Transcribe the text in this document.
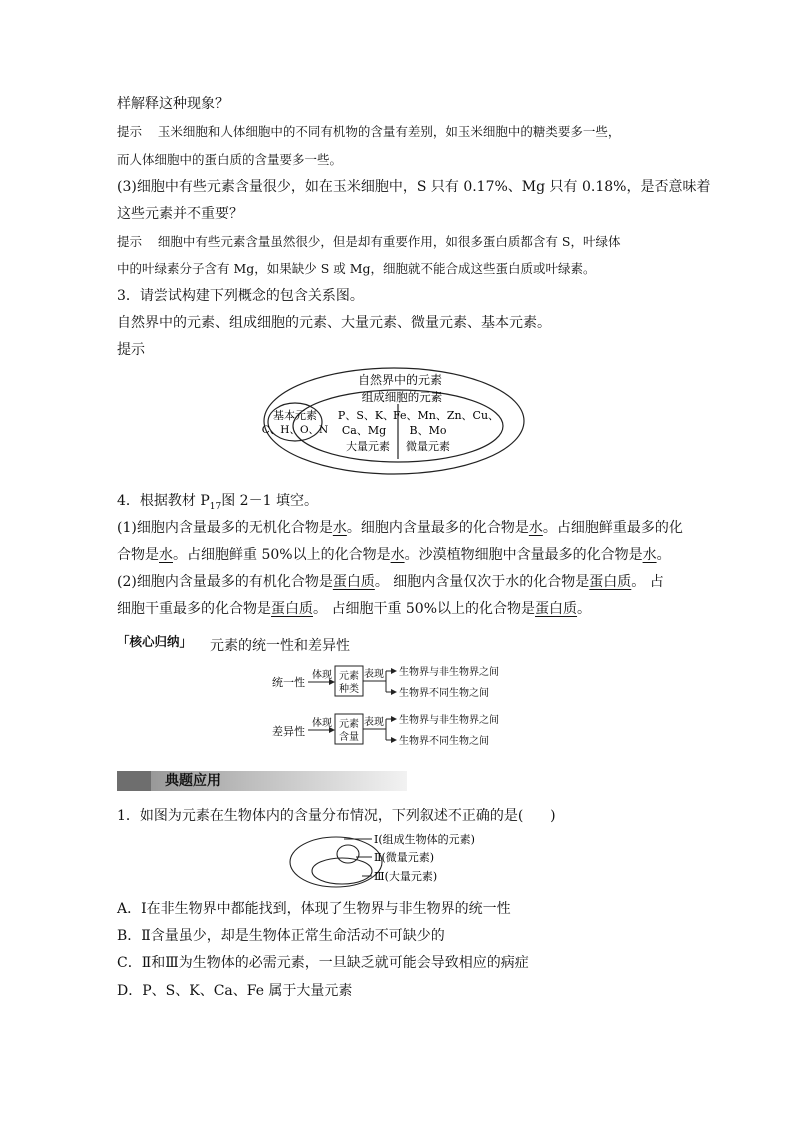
样解释这种现象？
提示 玉米细胞和人体细胞中的不同有机物的含量有差别，如玉米细胞中的糖类要多一些，
而人体细胞中的蛋白质的含量要多一些。
(3)细胞中有些元素含量很少，如在玉米细胞中，S 只有 0.17%、Mg 只有 0.18%，是否意味着
这些元素并不重要？
提示 细胞中有些元素含量虽然很少，但是却有重要作用，如很多蛋白质都含有 S，叶绿体
中的叶绿素分子含有 Mg，如果缺少 S 或 Mg，细胞就不能合成这些蛋白质或叶绿素。
3．请尝试构建下列概念的包含关系图。
自然界中的元素、组成细胞的元素、大量元素、微量元素、基本元素。
提示
自然界中的元素
组成细胞的元素
基本元素
C、H、O、N
P、S、K、
Ca、Mg
大量元素
Fe、Mn、Zn、Cu、
B、Mo
微量元素
4．根据教材 $P_{17}$图 2－1 填空。
(1)细胞内含量最多的无机化合物是水。细胞内含量最多的化合物是水。占细胞鲜重最多的化
合物是水。占细胞鲜重 50%以上的化合物是水。沙漠植物细胞中含量最多的化合物是水。
(2)细胞内含量最多的有机化合物是蛋白质。 细胞内含量仅次于水的化合物是蛋白质。 占
细胞干重最多的化合物是蛋白质。 占细胞干重 50%以上的化合物是蛋白质。
「核心归纳」 元素的统一性和差异性
统一性
体现 元素
种类
表现 生物界与非生物界之间
生物界不同生物之间
差异性
体现 元素
含量
表现 生物界与非生物界之间
生物界不同生物之间
典题应用
1．如图为元素在生物体内的含量分布情况，下列叙述不正确的是( )
Ⅰ(组成生物体的元素)
Ⅱ(微量元素)
Ⅲ(大量元素)
A．Ⅰ在非生物界中都能找到，体现了生物界与非生物界的统一性
B．Ⅱ含量虽少，却是生物体正常生命活动不可缺少的
C．Ⅱ和Ⅲ为生物体的必需元素，一旦缺乏就可能会导致相应的病症
D．P、S、K、Ca、Fe 属于大量元素
